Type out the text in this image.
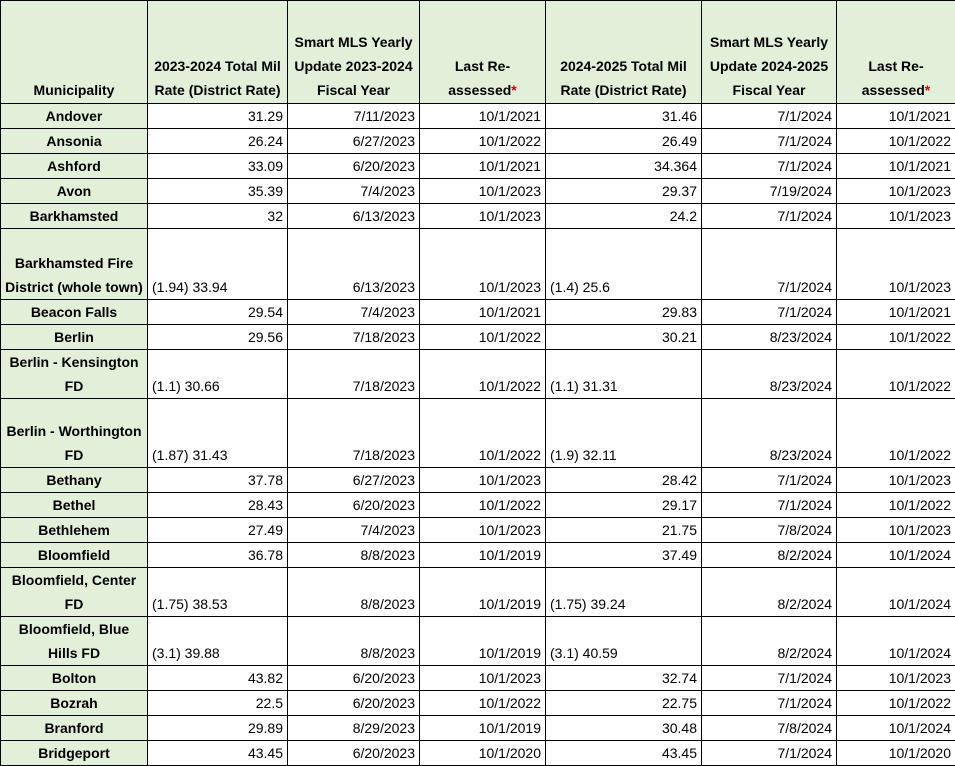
Municipality	2023-2024 Total Mil Rate (District Rate)	Smart MLS Yearly Update 2023-2024 Fiscal Year	Last Re-assessed*	2024-2025 Total Mil Rate (District Rate)	Smart MLS Yearly Update 2024-2025 Fiscal Year	Last Re-assessed*
Andover	31.29	7/11/2023	10/1/2021	31.46	7/1/2024	10/1/2021
Ansonia	26.24	6/27/2023	10/1/2022	26.49	7/1/2024	10/1/2022
Ashford	33.09	6/20/2023	10/1/2021	34.364	7/1/2024	10/1/2021
Avon	35.39	7/4/2023	10/1/2023	29.37	7/19/2024	10/1/2023
Barkhamsted	32	6/13/2023	10/1/2023	24.2	7/1/2024	10/1/2023
Barkhamsted Fire District (whole town)	(1.94) 33.94	6/13/2023	10/1/2023	(1.4) 25.6	7/1/2024	10/1/2023
Beacon Falls	29.54	7/4/2023	10/1/2021	29.83	7/1/2024	10/1/2021
Berlin	29.56	7/18/2023	10/1/2022	30.21	8/23/2024	10/1/2022
Berlin - Kensington FD	(1.1) 30.66	7/18/2023	10/1/2022	(1.1) 31.31	8/23/2024	10/1/2022
Berlin - Worthington FD	(1.87) 31.43	7/18/2023	10/1/2022	(1.9) 32.11	8/23/2024	10/1/2022
Bethany	37.78	6/27/2023	10/1/2023	28.42	7/1/2024	10/1/2023
Bethel	28.43	6/20/2023	10/1/2022	29.17	7/1/2024	10/1/2022
Bethlehem	27.49	7/4/2023	10/1/2023	21.75	7/8/2024	10/1/2023
Bloomfield	36.78	8/8/2023	10/1/2019	37.49	8/2/2024	10/1/2024
Bloomfield, Center FD	(1.75) 38.53	8/8/2023	10/1/2019	(1.75) 39.24	8/2/2024	10/1/2024
Bloomfield, Blue Hills FD	(3.1) 39.88	8/8/2023	10/1/2019	(3.1) 40.59	8/2/2024	10/1/2024
Bolton	43.82	6/20/2023	10/1/2023	32.74	7/1/2024	10/1/2023
Bozrah	22.5	6/20/2023	10/1/2022	22.75	7/1/2024	10/1/2022
Branford	29.89	8/29/2023	10/1/2019	30.48	7/8/2024	10/1/2024
Bridgeport	43.45	6/20/2023	10/1/2020	43.45	7/1/2024	10/1/2020
